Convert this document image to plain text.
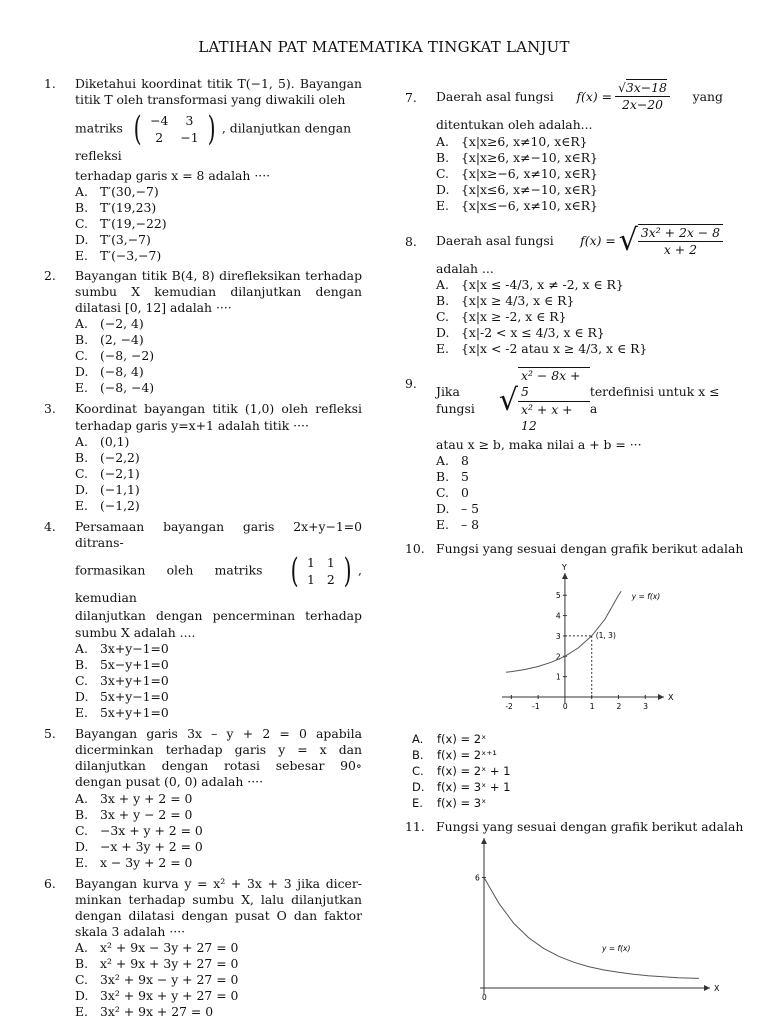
LATIHAN PAT MATEMATIKA TINGKAT LANJUT
1. Diketahui koordinat titik T(−1, 5). Bayangan titik T oleh transformasi yang diwakili oleh
matriks ( −4	3
2	−1 ) , dilanjutkan dengan refleksi
terhadap garis x = 8 adalah ····
A. T′(30,−7)
B. T′(19,23)
C. T′(19,−22)
D. T′(3,−7)
E. T′(−3,−7)
2. Bayangan titik B(4, 8) direfleksikan terhadap sumbu X kemudian dilanjutkan dengan dilatasi [0, 12] adalah ····
A. (−2, 4)
B. (2, −4)
C. (−8, −2)
D. (−8, 4)
E. (−8, −4)
3. Koordinat bayangan titik (1,0) oleh refleksi terhadap garis y=x+1 adalah titik ····
A. (0,1)
B. (−2,2)
C. (−2,1)
D. (−1,1)
E. (−1,2)
4. Persamaan bayangan garis 2x+y−1=0 ditrans-
formasikan oleh matriks ( 1	1
1	2 ) , kemudian
dilanjutkan dengan pencerminan terhadap sumbu X adalah ....
A. 3x+y−1=0
B. 5x−y+1=0
C. 3x+y+1=0
D. 5x+y−1=0
E. 5x+y+1=0
5. Bayangan garis 3x – y + 2 = 0 apabila dicerminkan terhadap garis y = x dan dilanjutkan dengan rotasi sebesar 90∘ dengan pusat (0, 0) adalah ····
A. 3x + y + 2 = 0
B. 3x + y − 2 = 0
C. −3x + y + 2 = 0
D. −x + 3y + 2 = 0
E. x − 3y + 2 = 0
6. Bayangan kurva y = x² + 3x + 3 jika dicer- minkan terhadap sumbu X, lalu dilanjutkan dengan dilatasi dengan pusat O dan faktor skala 3 adalah ····
A. x² + 9x − 3y + 27 = 0
B. x² + 9x + 3y + 27 = 0
C. 3x² + 9x − y + 27 = 0
D. 3x² + 9x + y + 27 = 0
E. 3x² + 9x + 27 = 0
7. Daerah asal fungsi $f(x) = \frac{√3x-18}{2x-20}$ yang
ditentukan oleh adalah...
A. {x|x≥6, x≠10, x∈R}
B. {x|x≥6, x≠−10, x∈R}
C. {x|x≥−6, x≠10, x∈R}
D. {x|x≤6, x≠−10, x∈R}
E. {x|x≤−6, x≠10, x∈R}
8. Daerah asal fungsi f(x) = √ $\frac{\text{3x² + 2x − 8}}{x + 2}$
adalah ...
A. {x|x ≤ -4/3, x ≠ -2, x ∈ R}
B. {x|x ≥ 4/3, x ∈ R}
C. {x|x ≥ -2, x ∈ R}
D. {x|-2 < x ≤ 4/3, x ∈ R}
E. {x|x < -2 atau x ≥ 4/3, x ∈ R}
9.
Jika fungsi √ $\frac{\text{x² − 8x + 5}}{\text{x² + x + 12}}$ terdefinisi untuk x ≤ a
atau x ≥ b, maka nilai a + b = ···
A. 8
B. 5
C. 0
D. – 5
E. – 8
10. Fungsi yang sesuai dengan grafik berikut adalah
X
Y
-2	-1	0	1	2	3
1
2
3
4
5
(1, 3)
y = f(x)
A.	f(x) = 2ˣ
B.	f(x) = 2ˣ⁺¹
C.	f(x) = 2ˣ + 1
D.	f(x) = 3ˣ + 1
E.	f(x) = 3ˣ
11. Fungsi yang sesuai dengan grafik berikut adalah
X
0
6
y = f(x)
